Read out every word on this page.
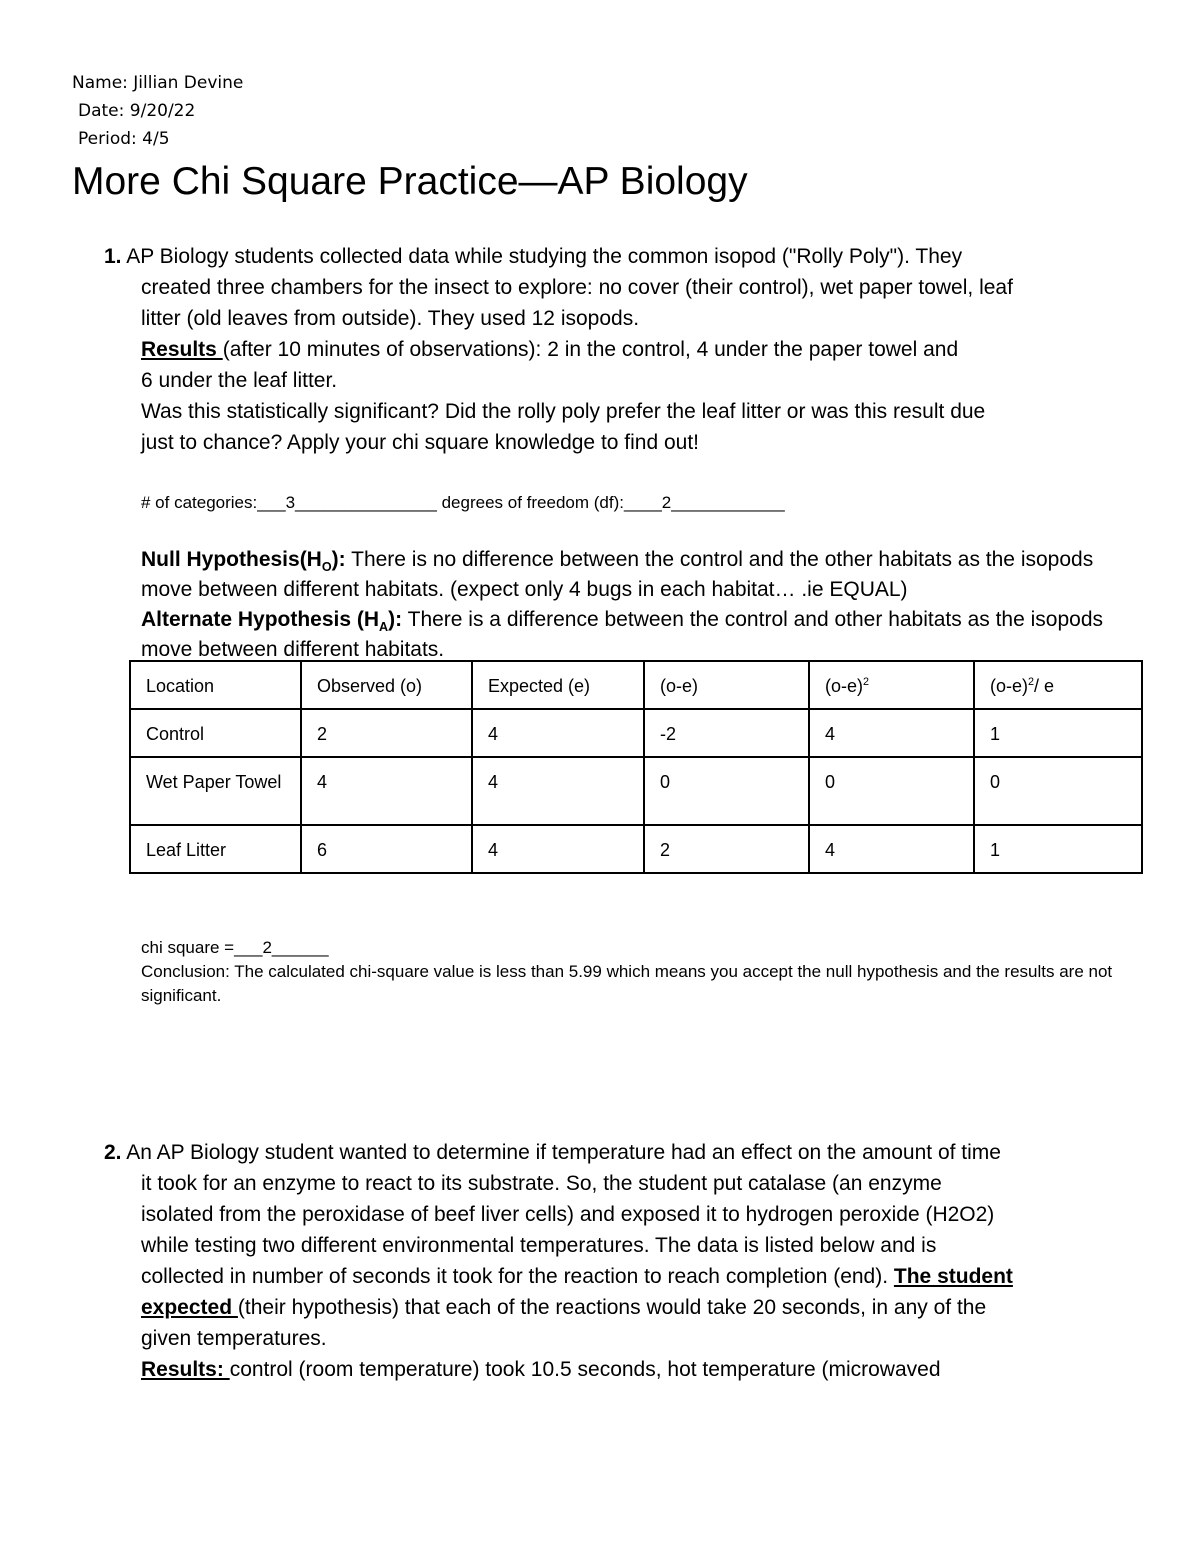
Name: Jillian Devine
Date: 9/20/22
Period: 4/5
More Chi Square Practice—AP Biology
1. AP Biology students collected data while studying the common isopod ("Rolly Poly"). They
created three chambers for the insect to explore: no cover (their control), wet paper towel, leaf
litter (old leaves from outside). They used 12 isopods.
Results (after 10 minutes of observations): 2 in the control, 4 under the paper towel and
6 under the leaf litter.
Was this statistically significant? Did the rolly poly prefer the leaf litter or was this result due
just to chance? Apply your chi square knowledge to find out!
# of categories:___3_______________ degrees of freedom (df):____2____________
Null $Hypothesis(H_O)$: There is no difference between the control and the other habitats as the isopods move between different habitats. (expect only 4 bugs in each habitat… .ie EQUAL)
Alternate Hypothesis $(H_A)$: There is a difference between the control and other habitats as the isopods move between different habitats.
Location	Observed (o)	Expected (e)	(o-e)	$(o-e)^2$	$(o-e)^2/$ e
Control	2	4	-2	4	1
Wet Paper Towel	4	4	0	0	0
Leaf Litter	6	4	2	4	1
chi square =___2______
Conclusion: The calculated chi-square value is less than 5.99 which means you accept the null hypothesis and the results are not significant.
2. An AP Biology student wanted to determine if temperature had an effect on the amount of time
it took for an enzyme to react to its substrate. So, the student put catalase (an enzyme
isolated from the peroxidase of beef liver cells) and exposed it to hydrogen peroxide (H2O2)
while testing two different environmental temperatures. The data is listed below and is
collected in number of seconds it took for the reaction to reach completion (end). The student
expected (their hypothesis) that each of the reactions would take 20 seconds, in any of the
given temperatures.
Results: control (room temperature) took 10.5 seconds, hot temperature (microwaved
